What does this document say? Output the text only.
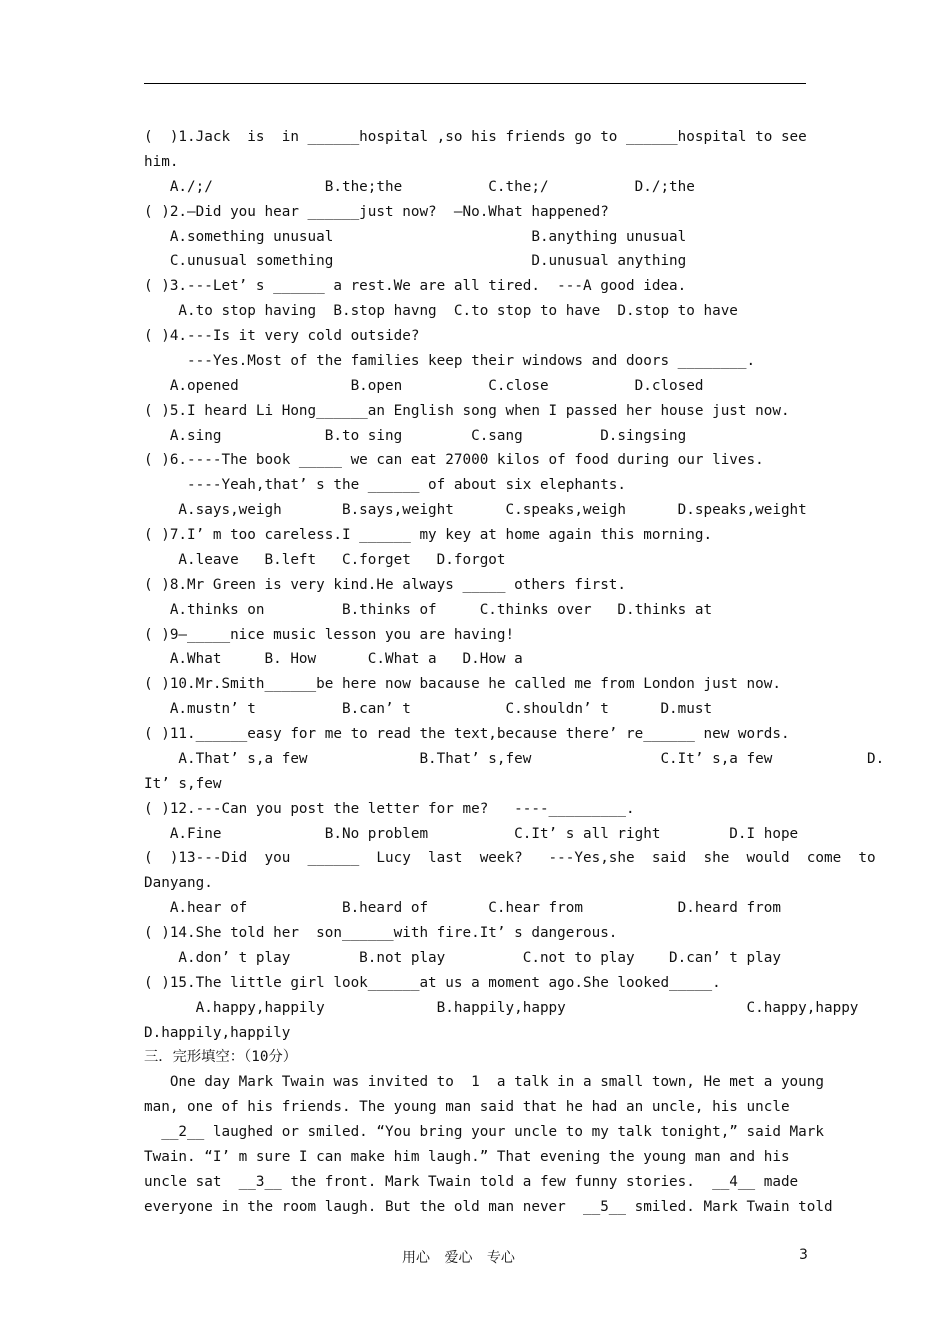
(  )1.Jack  is  in ______hospital ,so his friends go to ______hospital to see
him.
A./;/             B.the;the          C.the;/          D./;the
( )2.—Did you hear ______just now?  —No.What happened?
A.something unusual                       B.anything unusual
C.unusual something                       D.unusual anything
( )3.---Let’ s ______ a rest.We are all tired.  ---A good idea.
A.to stop having  B.stop havng  C.to stop to have  D.stop to have
( )4.---Is it very cold outside?
---Yes.Most of the families keep their windows and doors ________.
A.opened             B.open          C.close          D.closed
( )5.I heard Li Hong______an English song when I passed her house just now.
A.sing            B.to sing        C.sang         D.singsing
( )6.----The book _____ we can eat 27000 kilos of food during our lives.
----Yeah,that’ s the ______ of about six elephants.
A.says,weigh       B.says,weight      C.speaks,weigh      D.speaks,weight
( )7.I’ m too careless.I ______ my key at home again this morning.
A.leave   B.left   C.forget   D.forgot
( )8.Mr Green is very kind.He always _____ others first.
A.thinks on         B.thinks of     C.thinks over   D.thinks at
( )9—_____nice music lesson you are having!
A.What     B. How      C.What a   D.How a
( )10.Mr.Smith______be here now bacause he called me from London just now.
A.mustn’ t          B.can’ t           C.shouldn’ t      D.must
( )11.______easy for me to read the text,because there’ re______ new words.
A.That’ s,a few             B.That’ s,few               C.It’ s,a few           D.
It’ s,few
( )12.---Can you post the letter for me?   ----_________.
A.Fine            B.No problem          C.It’ s all right        D.I hope
(  )13---Did  you  ______  Lucy  last  week?   ---Yes,she  said  she  would  come  to
Danyang.
A.hear of           B.heard of       C.hear from           D.heard from
( )14.She told her  son______with fire.It’ s dangerous.
A.don’ t play        B.not play         C.not to play    D.can’ t play
( )15.The little girl look______at us a moment ago.She looked_____.
A.happy,happily             B.happily,happy                     C.happy,happy
D.happily,happily
三．完形填空：（10分）
One day Mark Twain was invited to  1  a talk in a small town, He met a young
man, one of his friends. The young man said that he had an uncle, his uncle
__2__ laughed or smiled. “You bring your uncle to my talk tonight,” said Mark
Twain. “I’ m sure I can make him laugh.” That evening the young man and his
uncle sat  __3__ the front. Mark Twain told a few funny stories.  __4__ made
everyone in the room laugh. But the old man never  __5__ smiled. Mark Twain told
用心 爱心 专心	3
